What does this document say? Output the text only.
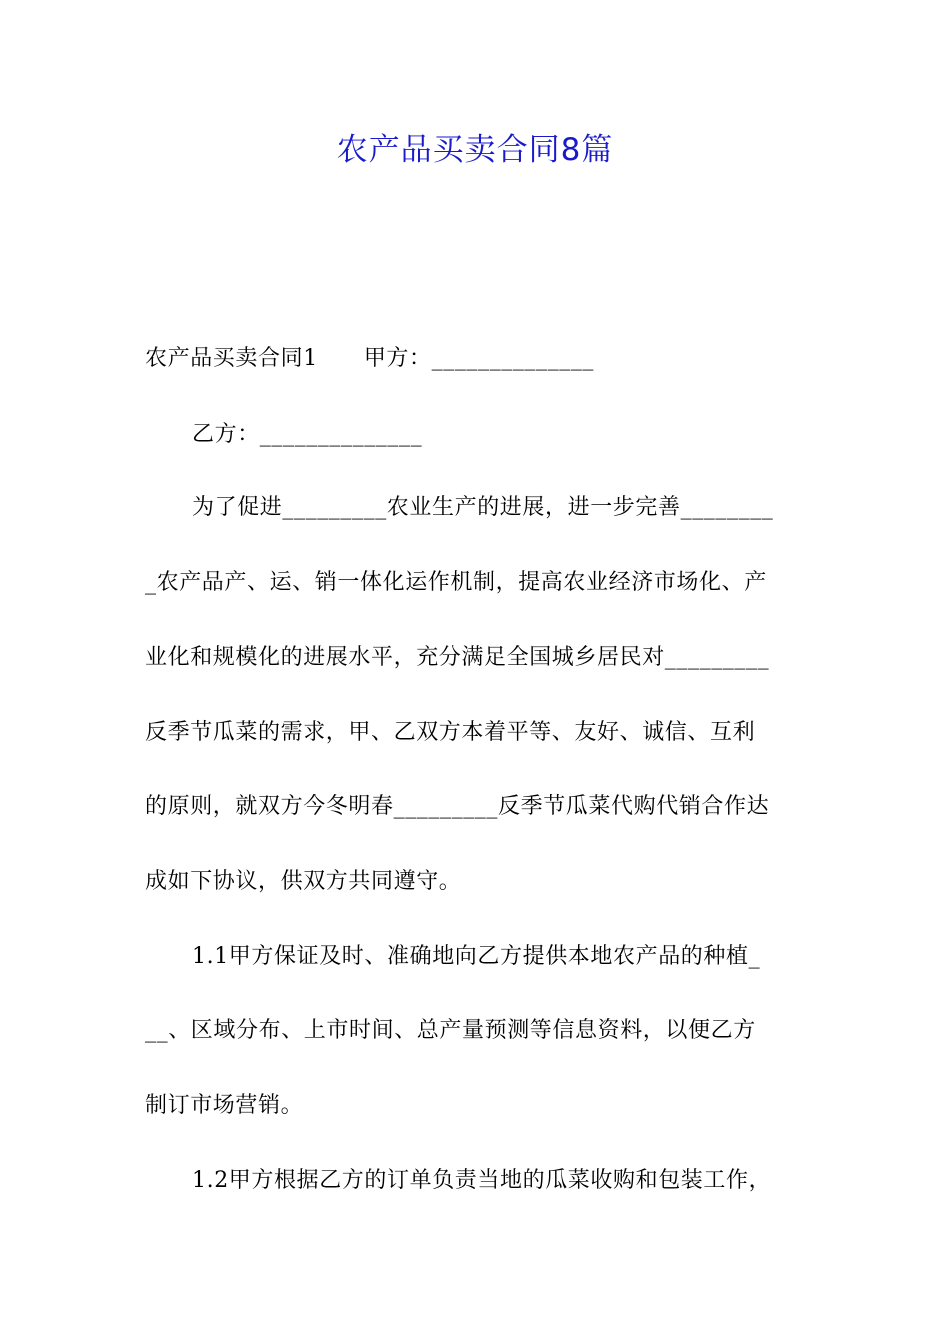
农产品买卖合同8篇
农产品买卖合同1 甲方：______________
乙方：______________
为了促进_________农业生产的进展，进一步完善________
_农产品产、运、销一体化运作机制，提高农业经济市场化、产
业化和规模化的进展水平，充分满足全国城乡居民对_________
反季节瓜菜的需求，甲、乙双方本着平等、友好、诚信、互利
的原则，就双方今冬明春_________反季节瓜菜代购代销合作达
成如下协议，供双方共同遵守。
1.1甲方保证及时、准确地向乙方提供本地农产品的种植_
__、区域分布、上市时间、总产量预测等信息资料，以便乙方
制订市场营销。
1.2甲方根据乙方的订单负责当地的瓜菜收购和包装工作，
